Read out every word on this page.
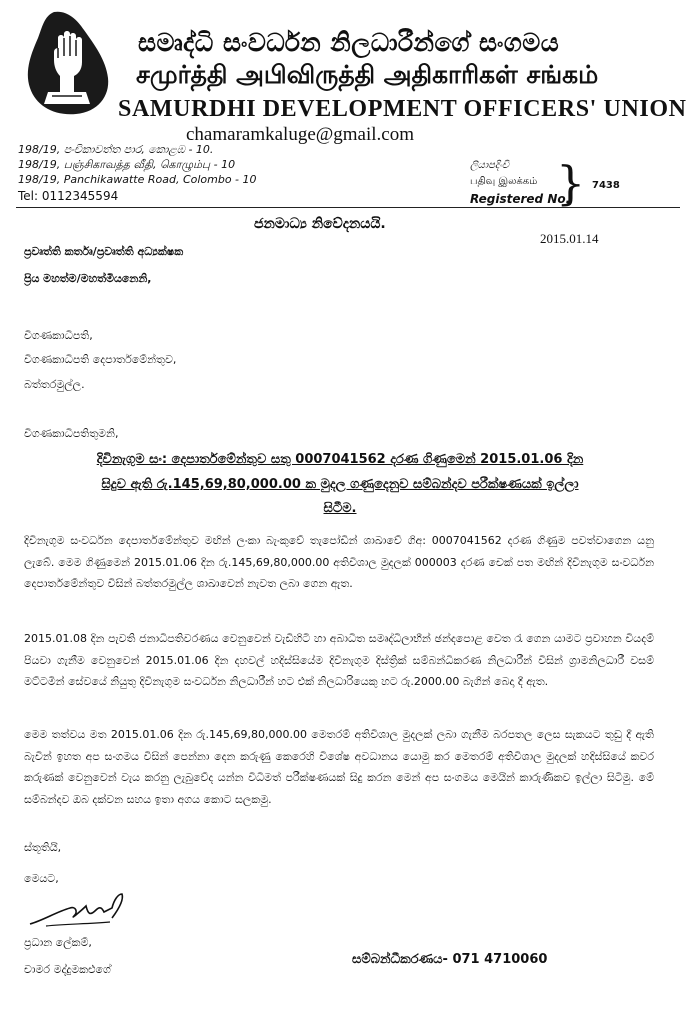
සමෘද්ධි සංවර්ධන නිලධාරීන්ගේ සංගමය
சமுர்த்தி அபிவிருத்தி அதிகாரிகள் சங்கம்
SAMURDHI DEVELOPMENT OFFICERS' UNION
chamaramkaluge@gmail.com
198/19, පංචිකාවත්ත පාර, කොළඹ - 10.
198/19, பஞ்சிகாவத்த வீதி, கொழும்பு - 10
198/19, Panchikawatte Road, Colombo - 10
Tel: 0112345594
ලියාපදිංචි
பதிவு இலக்கம்
Registered No.
} 7438
ජනමාධ්‍ය නිවේදනයයි.
2015.01.14
ප්‍රවෘත්ති කර්තෘ/ප්‍රවෘත්ති අධ්‍යක්ෂක
ප්‍රිය මහත්ම/මහත්මියනෙනි,
විගණකාධිපති,
විගණකාධිපති දෙපාර්තමේන්තුව,
බත්තරමුල්ල.
විගණකාධිපතිතුමනි,
දිවිනැගුම සං: දෙපාර්තමේන්තුව සතු 0007041562 දරණ ගිණුමෙන් 2015.01.06 දින
සිදුව ඇති රු.145,69,80,000.00 ක මුදල ගණුදෙනුව සම්බන්දව පරීක්ෂණයක් ඉල්ලා
සිටීම.
දිවිනැගුම සංවර්ධන දෙපාර්තමේන්තුව මඟින් ලංකා බැංකුවේ තැපෝඩින් ශාඛාවේ ගිඅ: 0007041562 දරණ ගිණුම පවත්වාගෙන යනු ලැබේ. මෙම ගිණුමෙන් 2015.01.06 දින රු.145,69,80,000.00 අතිවිශාල මුදලක් 000003 දරණ චෙක් පත මඟින් දිවිනැගුම සංවර්ධන දෙපාර්තමේන්තුව විසින් බත්තරමුල්ල ශාඛාවෙන් නැවත ලබා ගෙන ඇත.
2015.01.08 දින පැවති ජනාධිපතිවරණය වෙනුවෙන් වැඩිහිටි හා අබාධිත සමෘද්ධිලාභීන් ඡන්දපොළ වෙත රැ ගෙන යාමට ප්‍රවාහන වියදම් පියවා ගැනීම වෙනුවෙන් 2015.01.06 දින දහවල් හදිස්සියේම දිවිනැගුම දිස්ත්‍රික් සම්බන්ධීකරණ නිලධාරීන් විසින් ග්‍රාමනිලධාරී වසම් මට්ටමින් සේවයේ නියුතු දිවිනැගුම සංවර්ධන නිලධාරීන් හට එක් නිලධාරියෙකු හට රු.2000.00 බැගින් බෙදා දී ඇත.
මෙම තත්වය මත 2015.01.06 දින රු.145,69,80,000.00 මෙතරම් අතිවිශාල මුදලක් ලබා ගැනීම බරපතල ලෙස සැකයට තුඩු දී ඇති බැවින් ඉහත අප සංගමය විසින් පෙන්නා දෙන කරුණු කෙරෙහි විශේෂ අවධානය යොමු කර මෙතරම් අතිවිශාල මුදලක් හදිස්සියේ කවර කරුණක් වෙනුවෙන් වැය කරනු ලැබුවේද යන්න විධිමත් පරීක්ෂණයක් සිදු කරන මෙන් අප සංගමය මෙයින් කාරුණිකව ඉල්ලා සිටිමු. මේ සම්බන්දව ඔබ දක්වන සහය ඉතා අගය කොට සලකමු.
ස්තූතියි,
මෙයට,
ප්‍රධාන ලේකම්,
චාමර මද්දුමකළුගේ
සම්බන්ධීකරණය- 071 4710060
